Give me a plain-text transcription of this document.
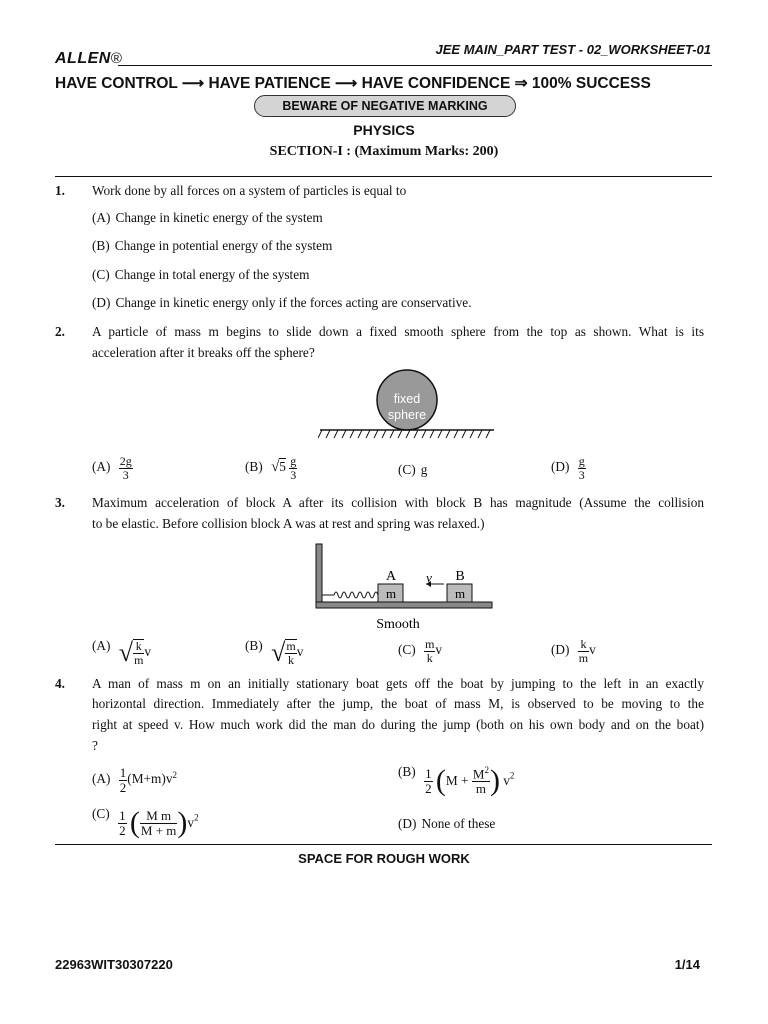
ALLEN®
JEE MAIN_PART TEST - 02_WORKSHEET-01
HAVE CONTROL ⟶ HAVE PATIENCE ⟶ HAVE CONFIDENCE ⇒ 100% SUCCESS
BEWARE OF NEGATIVE MARKING
PHYSICS
SECTION-I : (Maximum Marks: 200)
1. Work done by all forces on a system of particles is equal to
(A) Change in kinetic energy of the system
(B) Change in potential energy of the system
(C) Change in total energy of the system
(D) Change in kinetic energy only if the forces acting are conservative.
2. A particle of mass m begins to slide down a fixed smooth sphere from the top as shown. What is its
acceleration after it breaks off the sphere?
fixed
sphere
$(A) \frac{2g}{3}$	(B) $√5 \frac{g}{3}$	(C) g	$(D) \frac{g}{3}$
3. Maximum acceleration of block A after its collision with block B has magnitude (Assume the collision
to be elastic. Before collision block A was at rest and spring was relaxed.)
A	B
v
m	m
Smooth
(A) √ $\frac{k}{m}$ v	(B) √ $\frac{m}{k}$ v	$(C) \frac{m}{k}$ v	$(D) \frac{k}{m}$ v
4. A man of mass m on an initially stationary boat gets off the boat by jumping to the left in an exactly
horizontal direction. Immediately after the jump, the boat of mass M, is observed to be moving to the
right at speed v. How much work did the man do during the jump (both on his own body and on the boat)
?
$(A) \frac{1}{2} (M+m)v^2$	$(B) \frac{1}{2} (M + \frac{M^2}{m}$ ) $v^2$
$(C) \frac{1}{2}$ ( $\frac{\text{M m}}{M + m} )v^2$	(D) None of these
SPACE FOR ROUGH WORK
22963WIT30307220	1/14
